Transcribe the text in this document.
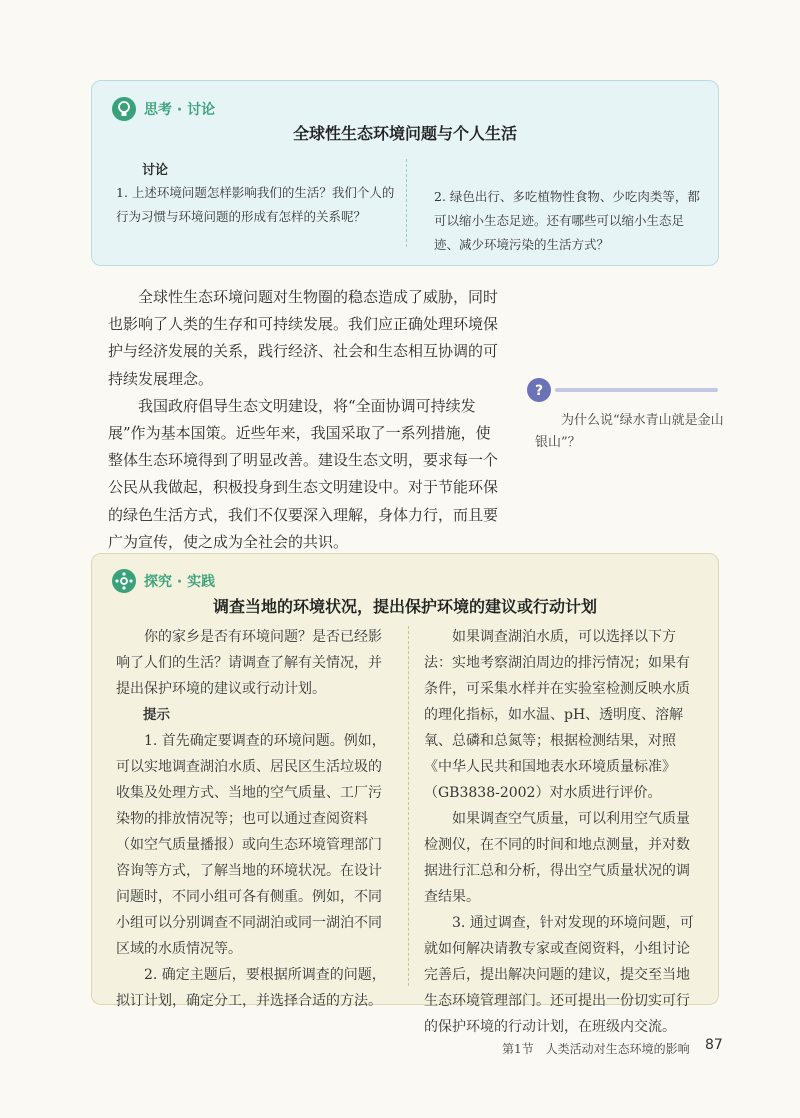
思考 · 讨论
全球性生态环境问题与个人生活
讨论
1. 上述环境问题怎样影响我们的生活？我们个人的行为习惯与环境问题的形成有怎样的关系呢？
2. 绿色出行、多吃植物性食物、少吃肉类等，都可以缩小生态足迹。还有哪些可以缩小生态足迹、减少环境污染的生活方式？

全球性生态环境问题对生物圈的稳态造成了威胁，同时也影响了人类的生存和可持续发展。我们应正确处理环境保护与经济发展的关系，践行经济、社会和生态相互协调的可持续发展理念。

我国政府倡导生态文明建设，将“全面协调可持续发展”作为基本国策。近些年来，我国采取了一系列措施，使整体生态环境得到了明显改善。建设生态文明，要求每一个公民从我做起，积极投身到生态文明建设中。对于节能环保的绿色生活方式，我们不仅要深入理解，身体力行，而且要广为宣传，使之成为全社会的共识。

?
为什么说“绿水青山就是金山银山”？
探究 · 实践
调查当地的环境状况，提出保护环境的建议或行动计划

你的家乡是否有环境问题？是否已经影响了人们的生活？请调查了解有关情况，并提出保护环境的建议或行动计划。

提示

1. 首先确定要调查的环境问题。例如，可以实地调查湖泊水质、居民区生活垃圾的收集及处理方式、当地的空气质量、工厂污染物的排放情况等；也可以通过查阅资料（如空气质量播报）或向生态环境管理部门咨询等方式，了解当地的环境状况。在设计问题时，不同小组可各有侧重。例如，不同小组可以分别调查不同湖泊或同一湖泊不同区域的水质情况等。

2. 确定主题后，要根据所调查的问题，拟订计划，确定分工，并选择合适的方法。

如果调查湖泊水质，可以选择以下方法：实地考察湖泊周边的排污情况；如果有条件，可采集水样并在实验室检测反映水质的理化指标，如水温、pH、透明度、溶解氧、总磷和总氮等；根据检测结果，对照《中华人民共和国地表水环境质量标准》（GB3838-2002）对水质进行评价。

如果调查空气质量，可以利用空气质量检测仪，在不同的时间和地点测量，并对数据进行汇总和分析，得出空气质量状况的调查结果。

3. 通过调查，针对发现的环境问题，可就如何解决请教专家或查阅资料，小组讨论完善后，提出解决问题的建议，提交至当地生态环境管理部门。还可提出一份切实可行的保护环境的行动计划，在班级内交流。

第1节　人类活动对生态环境的影响 87
